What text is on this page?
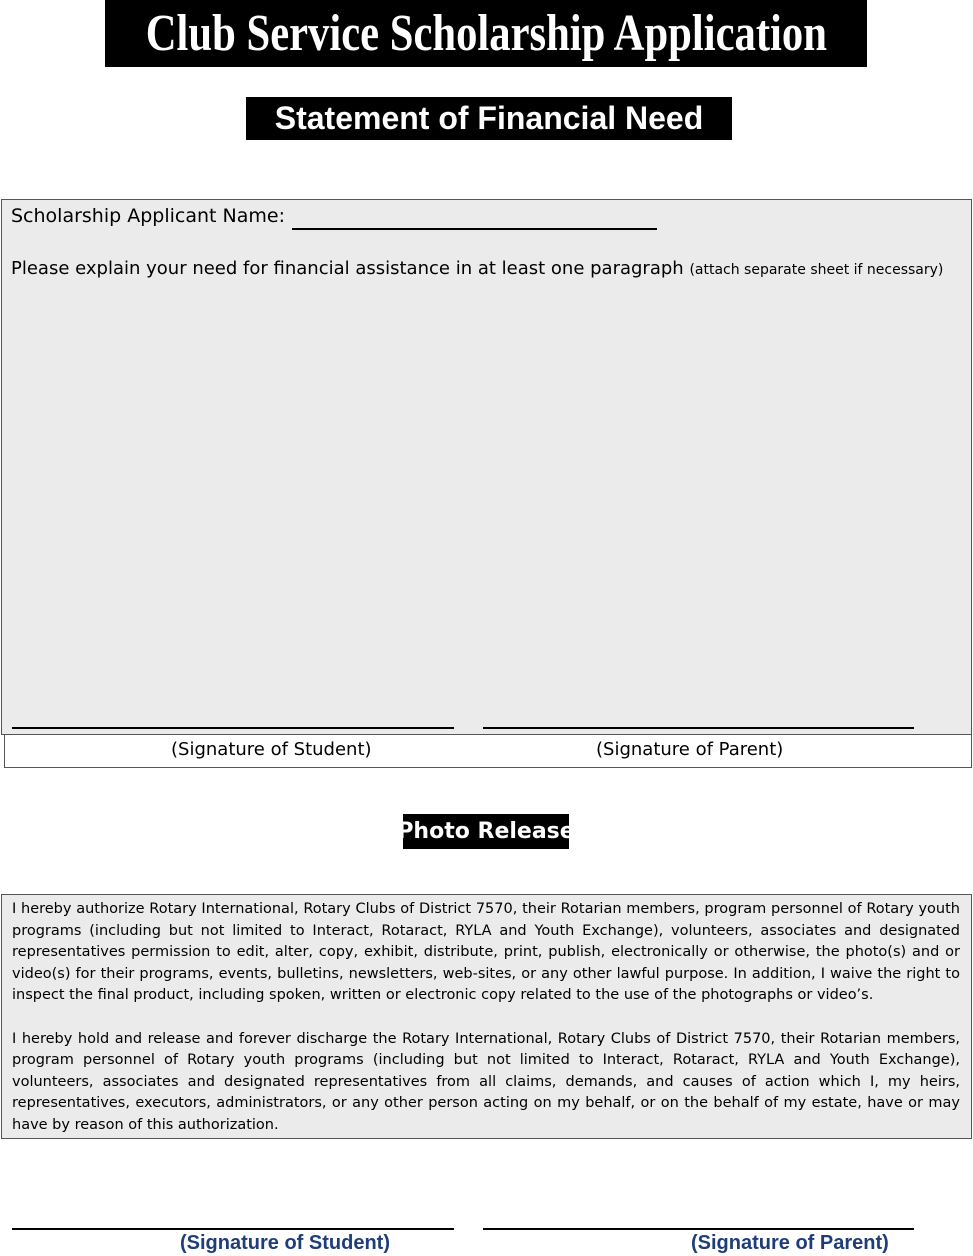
Club Service Scholarship Application
Statement of Financial Need
Scholarship Applicant Name:
Please explain your need for financial assistance in at least one paragraph (attach separate sheet if necessary)
(Signature of Student)	(Signature of Parent)
Photo Release

I hereby authorize Rotary International, Rotary Clubs of District 7570, their Rotarian members, program personnel of Rotary youth programs (including but not limited to Interact, Rotaract, RYLA and Youth Exchange), volunteers, associates and designated representatives permission to edit, alter, copy, exhibit, distribute, print, publish, electronically or otherwise, the photo(s) and or video(s) for their programs, events, bulletins, newsletters, web-sites, or any other lawful purpose. In addition, I waive the right to inspect the final product, including spoken, written or electronic copy related to the use of the photographs or video’s.

I hereby hold and release and forever discharge the Rotary International, Rotary Clubs of District 7570, their Rotarian members, program personnel of Rotary youth programs (including but not limited to Interact, Rotaract, RYLA and Youth Exchange), volunteers, associates and designated representatives from all claims, demands, and causes of action which I, my heirs, representatives, executors, administrators, or any other person acting on my behalf, or on the behalf of my estate, have or may have by reason of this authorization.

(Signature of Student)	(Signature of Parent)
